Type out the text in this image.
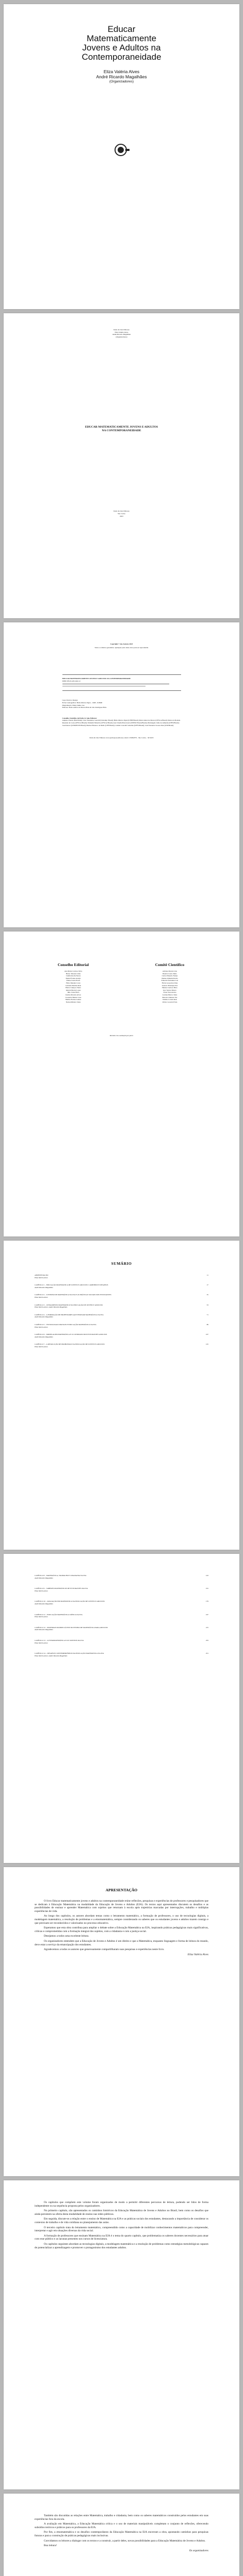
Educar
Matematicamente
Jovens e Adultos na
Contemporaneidade
Eliza Valéria Alves
André Ricardo Magalhães
(Organizadores)
Pedro & João Editores
Eliza Valéria Alves
André Ricardo Magalhães
(Organizadores)
EDUCAR MATEMATICAMENTE JOVENS E ADULTOS NA CONTEMPORANEIDADE
Pedro & João Editores
São Carlos
2023
Copyright © dos Autores 2023
Todos os direitos garantidos. Qualquer parte desta obra pode ser reproduzida.
EDUCAR MATEMATICAMENTE JOVENS E ADULTOS NA CONTEMPORANEIDADE
ISBN 978-65-265-0421-9
Capa: Petricor Design
Ficha Catalográfica: Hélio Márcio Pajeú – CRB - 8-8828
Diagramação: Diany Akiko Lee
Editores: Pedro Amaro de Moura Brito & João Rodrigues Brito
Conselho Científico da Pedro & João Editores:
Augusto Ponzio (Bari/Itália); João Wanderley Geraldi (Unicamp/ Brasil); Hélio Márcio Pajeú (UFPE/Brasil); Maria Isabel de Moura (UFSCar/Brasil); Maria da Piedade Resende da Costa (UFSCar/Brasil); Valdemir Miotello (UFSCar/Brasil); Ana Cláudia Bortolozzi (UNESP/ Bauru/Brasil); Mariangela Lima de Almeida (UFES/Brasil); José Kuiava (UNIOESTE/Brasil); Marisol Barenco de Mello (UFF/Brasil); Camila Caracelli Scherma (UFFS/Brasil); Luis Fernando Soares Zuin (USP/Brasil).
Pedro & João Editores www.pedroejoaoeditores.com.br 13568-878 – São Carlos – SP 2023
Conselho Editorial
Ana Maria Cardoso Silva
Bruno Teixeira Lima
Camila Rocha Neves
Daniel Fontes Araújo
Elaine Souza Prado
Fábio Mendes Costa
Gabriela Martins Reis
Heitor Campos Vieira
Isabela Duarte Lopes
Júlio César Pinto
Karina Moreira Alves
Leonardo Batista Cruz
Marina Freitas Gomes
Nelson Ribeiro Sales
Comitê Científico
Adriana Pereira Lins
Beatriz Castro Melo
Carlos Eduardo Nunes
Denise Almeida Rocha
Eduardo Fernandes Luz
Flávia Gonçalves Dias
Gustavo Henrique Paz
Helena Cardoso Brito
Igor Santos Moura
Joana Vasconcelos
Luciana Barros Teles
Marcelo Antunes Vaz
Natália Correia Reis
Otávio Lacerda Faria
Revisão e/ou avaliação por pares
SUMÁRIO
APRESENTAÇÃO	11
Eliza Valéria Alves
CAPÍTULO 1 – EDUCAÇÃO MATEMÁTICA DE JOVENS E ADULTOS: CAMINHOS E DESAFIOS	17
André Ricardo Magalhães
CAPÍTULO 2 – O ENSINO DE MATEMÁTICA NA EJA E AS PRÁTICAS SOCIAIS DOS ESTUDANTES	35
Eliza Valéria Alves
CAPÍTULO 3 – LETRAMENTO MATEMÁTICO NA EDUCAÇÃO DE JOVENS E ADULTOS	53
Eliza Valéria Alves; André Ricardo Magalhães
CAPÍTULO 4 – A FORMAÇÃO DE PROFESSORES QUE ENSINAM MATEMÁTICA NA EJA	71
André Ricardo Magalhães
CAPÍTULO 5 – TECNOLOGIAS DIGITAIS E EDUCAÇÃO MATEMÁTICA NA EJA	89
Eliza Valéria Alves
CAPÍTULO 6 – MODELAGEM MATEMÁTICA E O COTIDIANO DOS ESTUDANTES ADULTOS	107
André Ricardo Magalhães
CAPÍTULO 7 – A RESOLUÇÃO DE PROBLEMAS NA EDUCAÇÃO DE JOVENS E ADULTOS	125
Eliza Valéria Alves
CAPÍTULO 8 – MATEMÁTICA, TRABALHO E CIDADANIA NA EJA	143
André Ricardo Magalhães
CAPÍTULO 9 – SABERES MATEMÁTICOS DE ESTUDANTES DA EJA	161
Eliza Valéria Alves
CAPÍTULO 10 – AVALIAÇÃO EM MATEMÁTICA NA EDUCAÇÃO DE JOVENS E ADULTOS	179
André Ricardo Magalhães
CAPÍTULO 11 – EDUCAÇÃO MATEMÁTICA CRÍTICA NA EJA	197
Eliza Valéria Alves
CAPÍTULO 12 – MATERIAIS MANIPULÁVEIS NO ENSINO DE MATEMÁTICA PARA ADULTOS	215
André Ricardo Magalhães
CAPÍTULO 13 – A ETNOMATEMÁTICA E OS SUJEITOS DA EJA	233
Eliza Valéria Alves
CAPÍTULO 14 – DESAFIOS CONTEMPORÂNEOS DA EDUCAÇÃO MATEMÁTICA NA EJA	251
Eliza Valéria Alves; André Ricardo Magalhães
APRESENTAÇÃO

O livro Educar matematicamente jovens e adultos na contemporaneidade reúne reflexões, pesquisas e experiências de professores e pesquisadores que se dedicam à Educação Matemática na modalidade da Educação de Jovens e Adultos (EJA). Os textos aqui apresentados discutem os desafios e as possibilidades de ensinar e aprender Matemática com sujeitos que retornam à escola após trajetórias marcadas por interrupções, trabalho e múltiplas experiências de vida.

Ao longo dos capítulos, os autores abordam temas como o letramento matemático, a formação de professores, o uso de tecnologias digitais, a modelagem matemática, a resolução de problemas e a etnomatemática, sempre considerando os saberes que os estudantes jovens e adultos trazem consigo e que precisam ser reconhecidos e valorizados no processo educativo.

Esperamos que esta obra contribua para ampliar o debate sobre a Educação Matemática na EJA, inspirando práticas pedagógicas mais significativas, críticas e comprometidas com a formação integral dos sujeitos, com a cidadania e com a justiça social.

Desejamos a todos uma excelente leitura.

Os organizadores entendem que a Educação de Jovens e Adultos é um direito e que a Matemática, enquanto linguagem e forma de leitura do mundo, deve estar a serviço da emancipação dos estudantes.

Agradecemos a todos os autores que generosamente compartilharam suas pesquisas e experiências neste livro.

Eliza Valéria Alves

Os capítulos que compõem este volume foram organizados de modo a permitir diferentes percursos de leitura, podendo ser lidos de forma independente ou na sequência proposta pelos organizadores.

No primeiro capítulo, são apresentados os caminhos históricos da Educação Matemática de Jovens e Adultos no Brasil, bem como os desafios que ainda persistem na oferta desta modalidade de ensino nas redes públicas.

Em seguida, discute-se a relação entre o ensino de Matemática na EJA e as práticas sociais dos estudantes, destacando a importância de considerar os contextos de trabalho e de vida cotidiana no planejamento das aulas.

O terceiro capítulo trata do letramento matemático, compreendido como a capacidade de mobilizar conhecimentos matemáticos para compreender, interpretar e agir em situações diversas da vida social.

A formação de professores que ensinam Matemática na EJA é o tema do quarto capítulo, que problematiza os saberes docentes necessários para atuar com esse público e as lacunas presentes nos cursos de licenciatura.

Os capítulos seguintes abordam as tecnologias digitais, a modelagem matemática e a resolução de problemas como estratégias metodológicas capazes de potencializar a aprendizagem e promover o protagonismo dos estudantes adultos.

Também são discutidas as relações entre Matemática, trabalho e cidadania, bem como os saberes matemáticos construídos pelos estudantes em suas experiências fora da escola.

A avaliação em Matemática, a Educação Matemática crítica e o uso de materiais manipuláveis completam o conjunto de reflexões, oferecendo subsídios teóricos e práticos para os professores da EJA.

Por fim, a etnomatemática e os desafios contemporâneos da Educação Matemática na EJA encerram a obra, apontando caminhos para pesquisas futuras e para a construção de práticas pedagógicas mais inclusivas.

Convidamos os leitores a dialogar com os textos e a construir, a partir deles, novas possibilidades para a Educação Matemática de Jovens e Adultos.

Boa leitura!

Os organizadores
